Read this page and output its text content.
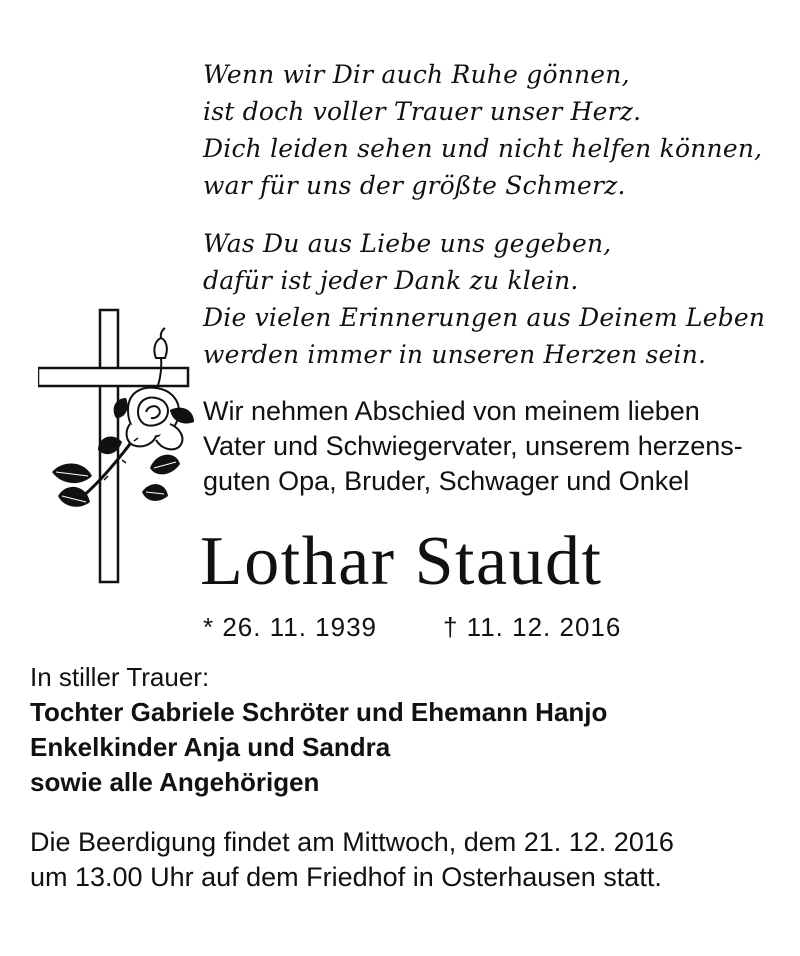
Wenn wir Dir auch Ruhe gönnen,
ist doch voller Trauer unser Herz.
Dich leiden sehen und nicht helfen können,
war für uns der größte Schmerz.
Was Du aus Liebe uns gegeben,
dafür ist jeder Dank zu klein.
Die vielen Erinnerungen aus Deinem Leben
werden immer in unseren Herzen sein.
Wir nehmen Abschied von meinem lieben
Vater und Schwiegervater, unserem herzens-
guten Opa, Bruder, Schwager und Onkel
Lothar Staudt
* 26. 11. 1939	† 11. 12. 2016
In stiller Trauer:
Tochter Gabriele Schröter und Ehemann Hanjo
Enkelkinder Anja und Sandra
sowie alle Angehörigen
Die Beerdigung findet am Mittwoch, dem 21. 12. 2016
um 13.00 Uhr auf dem Friedhof in Osterhausen statt.
